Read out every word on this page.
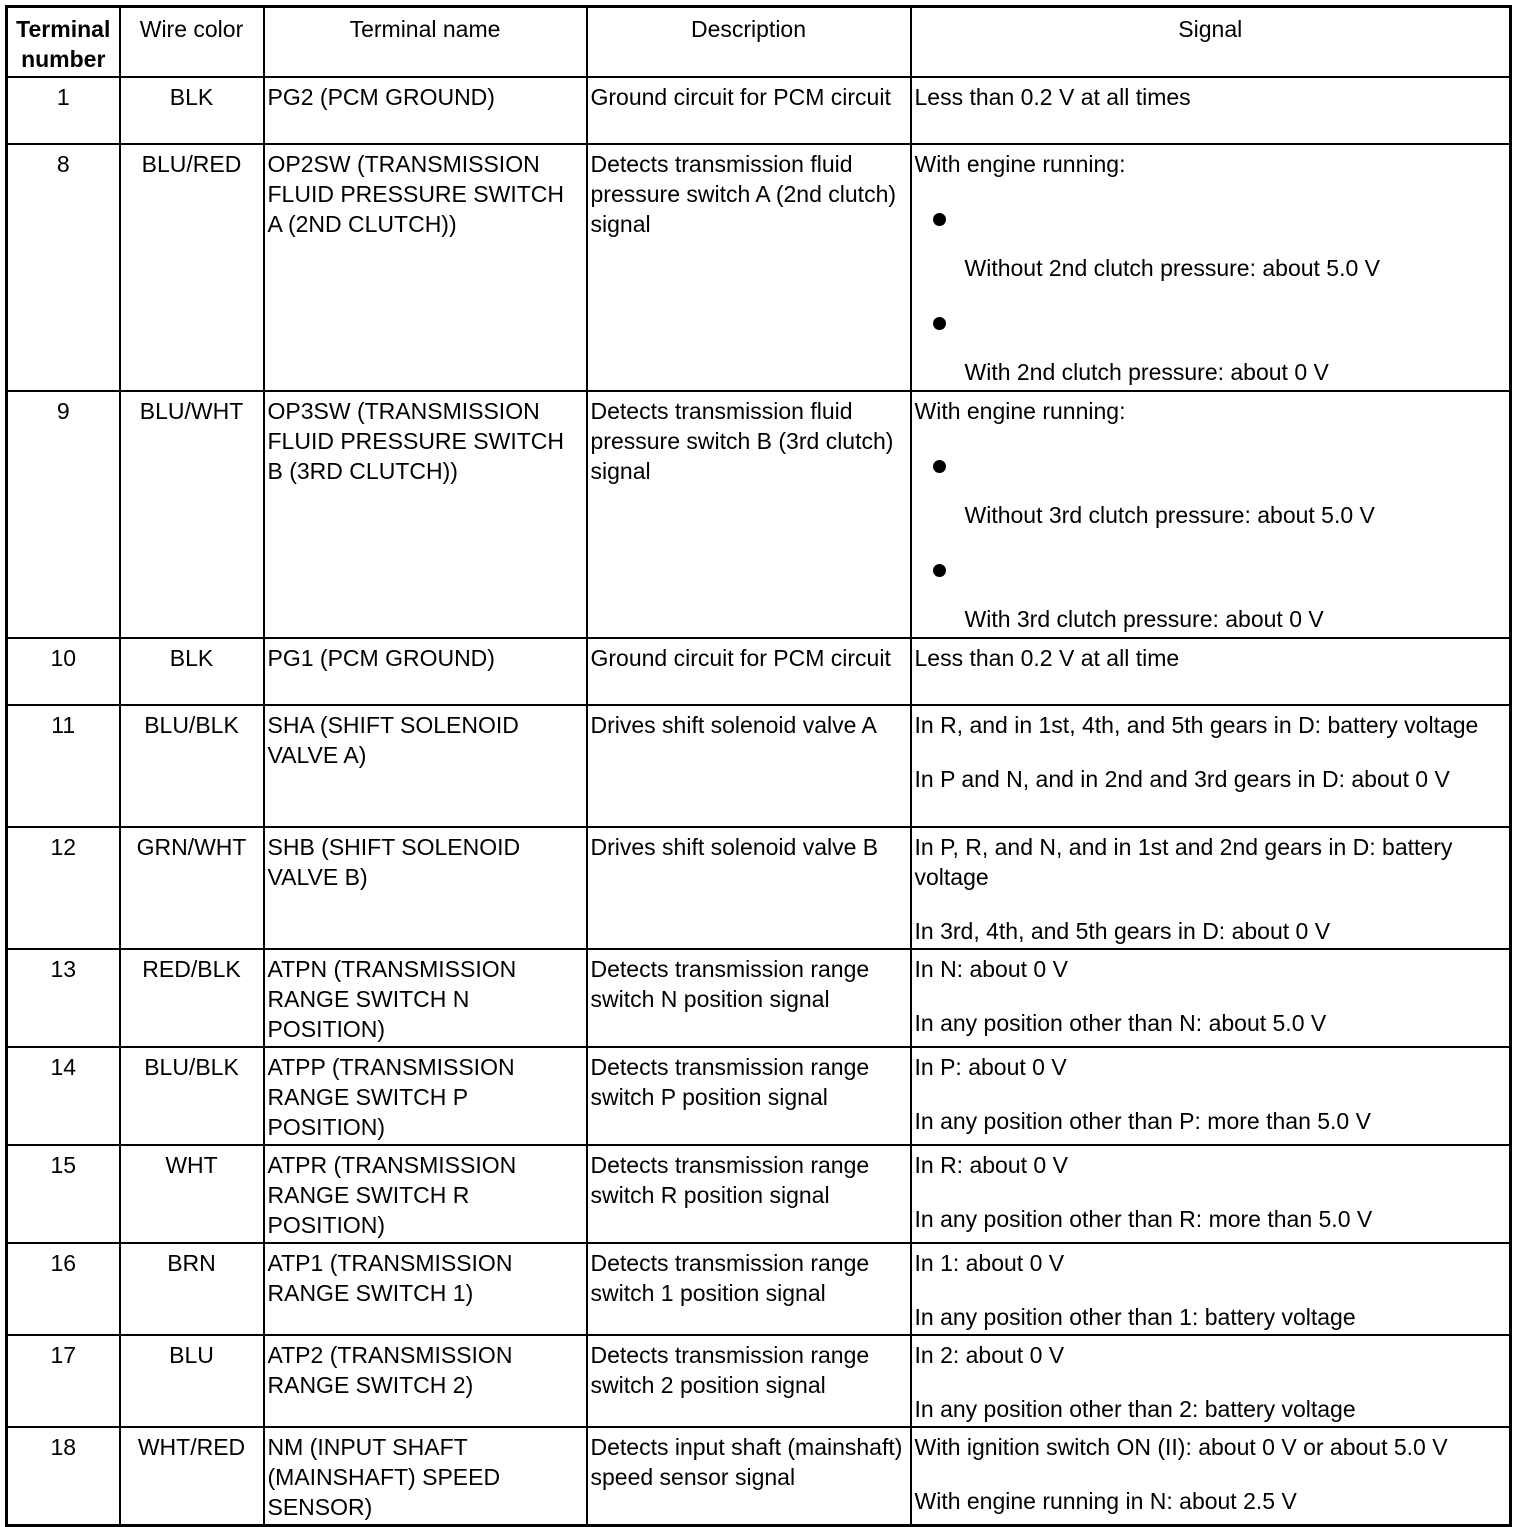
Terminal number	Wire color	Terminal name	Description	Signal
1	BLK	PG2 (PCM GROUND)	Ground circuit for PCM circuit	Less than 0.2 V at all times

8	BLU/RED	OP2SW (TRANSMISSION FLUID PRESSURE SWITCH A (2ND CLUTCH))	Detects transmission fluid pressure switch A (2nd clutch) signal	With engine running:
Without 2nd clutch pressure: about 5.0 V
With 2nd clutch pressure: about 0 V

9	BLU/WHT	OP3SW (TRANSMISSION FLUID PRESSURE SWITCH B (3RD CLUTCH))	Detects transmission fluid pressure switch B (3rd clutch) signal	With engine running:
Without 3rd clutch pressure: about 5.0 V
With 3rd clutch pressure: about 0 V

10	BLK	PG1 (PCM GROUND)	Ground circuit for PCM circuit	Less than 0.2 V at all time

11	BLU/BLK	SHA (SHIFT SOLENOID VALVE A)	Drives shift solenoid valve A	In R, and in 1st, 4th, and 5th gears in D: battery voltage
In P and N, and in 2nd and 3rd gears in D: about 0 V

12	GRN/WHT	SHB (SHIFT SOLENOID VALVE B)	Drives shift solenoid valve B	In P, R, and N, and in 1st and 2nd gears in D: battery voltage
In 3rd, 4th, and 5th gears in D: about 0 V

13	RED/BLK	ATPN (TRANSMISSION RANGE SWITCH N POSITION)	Detects transmission range switch N position signal	In N: about 0 V
In any position other than N: about 5.0 V

14	BLU/BLK	ATPP (TRANSMISSION RANGE SWITCH P POSITION)	Detects transmission range switch P position signal	In P: about 0 V
In any position other than P: more than 5.0 V

15	WHT	ATPR (TRANSMISSION RANGE SWITCH R POSITION)	Detects transmission range switch R position signal	In R: about 0 V
In any position other than R: more than 5.0 V

16	BRN	ATP1 (TRANSMISSION RANGE SWITCH 1)	Detects transmission range switch 1 position signal	In 1: about 0 V
In any position other than 1: battery voltage

17	BLU	ATP2 (TRANSMISSION RANGE SWITCH 2)	Detects transmission range switch 2 position signal	In 2: about 0 V
In any position other than 2: battery voltage

18	WHT/RED	NM (INPUT SHAFT (MAINSHAFT) SPEED SENSOR)	Detects input shaft (mainshaft) speed sensor signal	With ignition switch ON (II): about 0 V or about 5.0 V
With engine running in N: about 2.5 V
